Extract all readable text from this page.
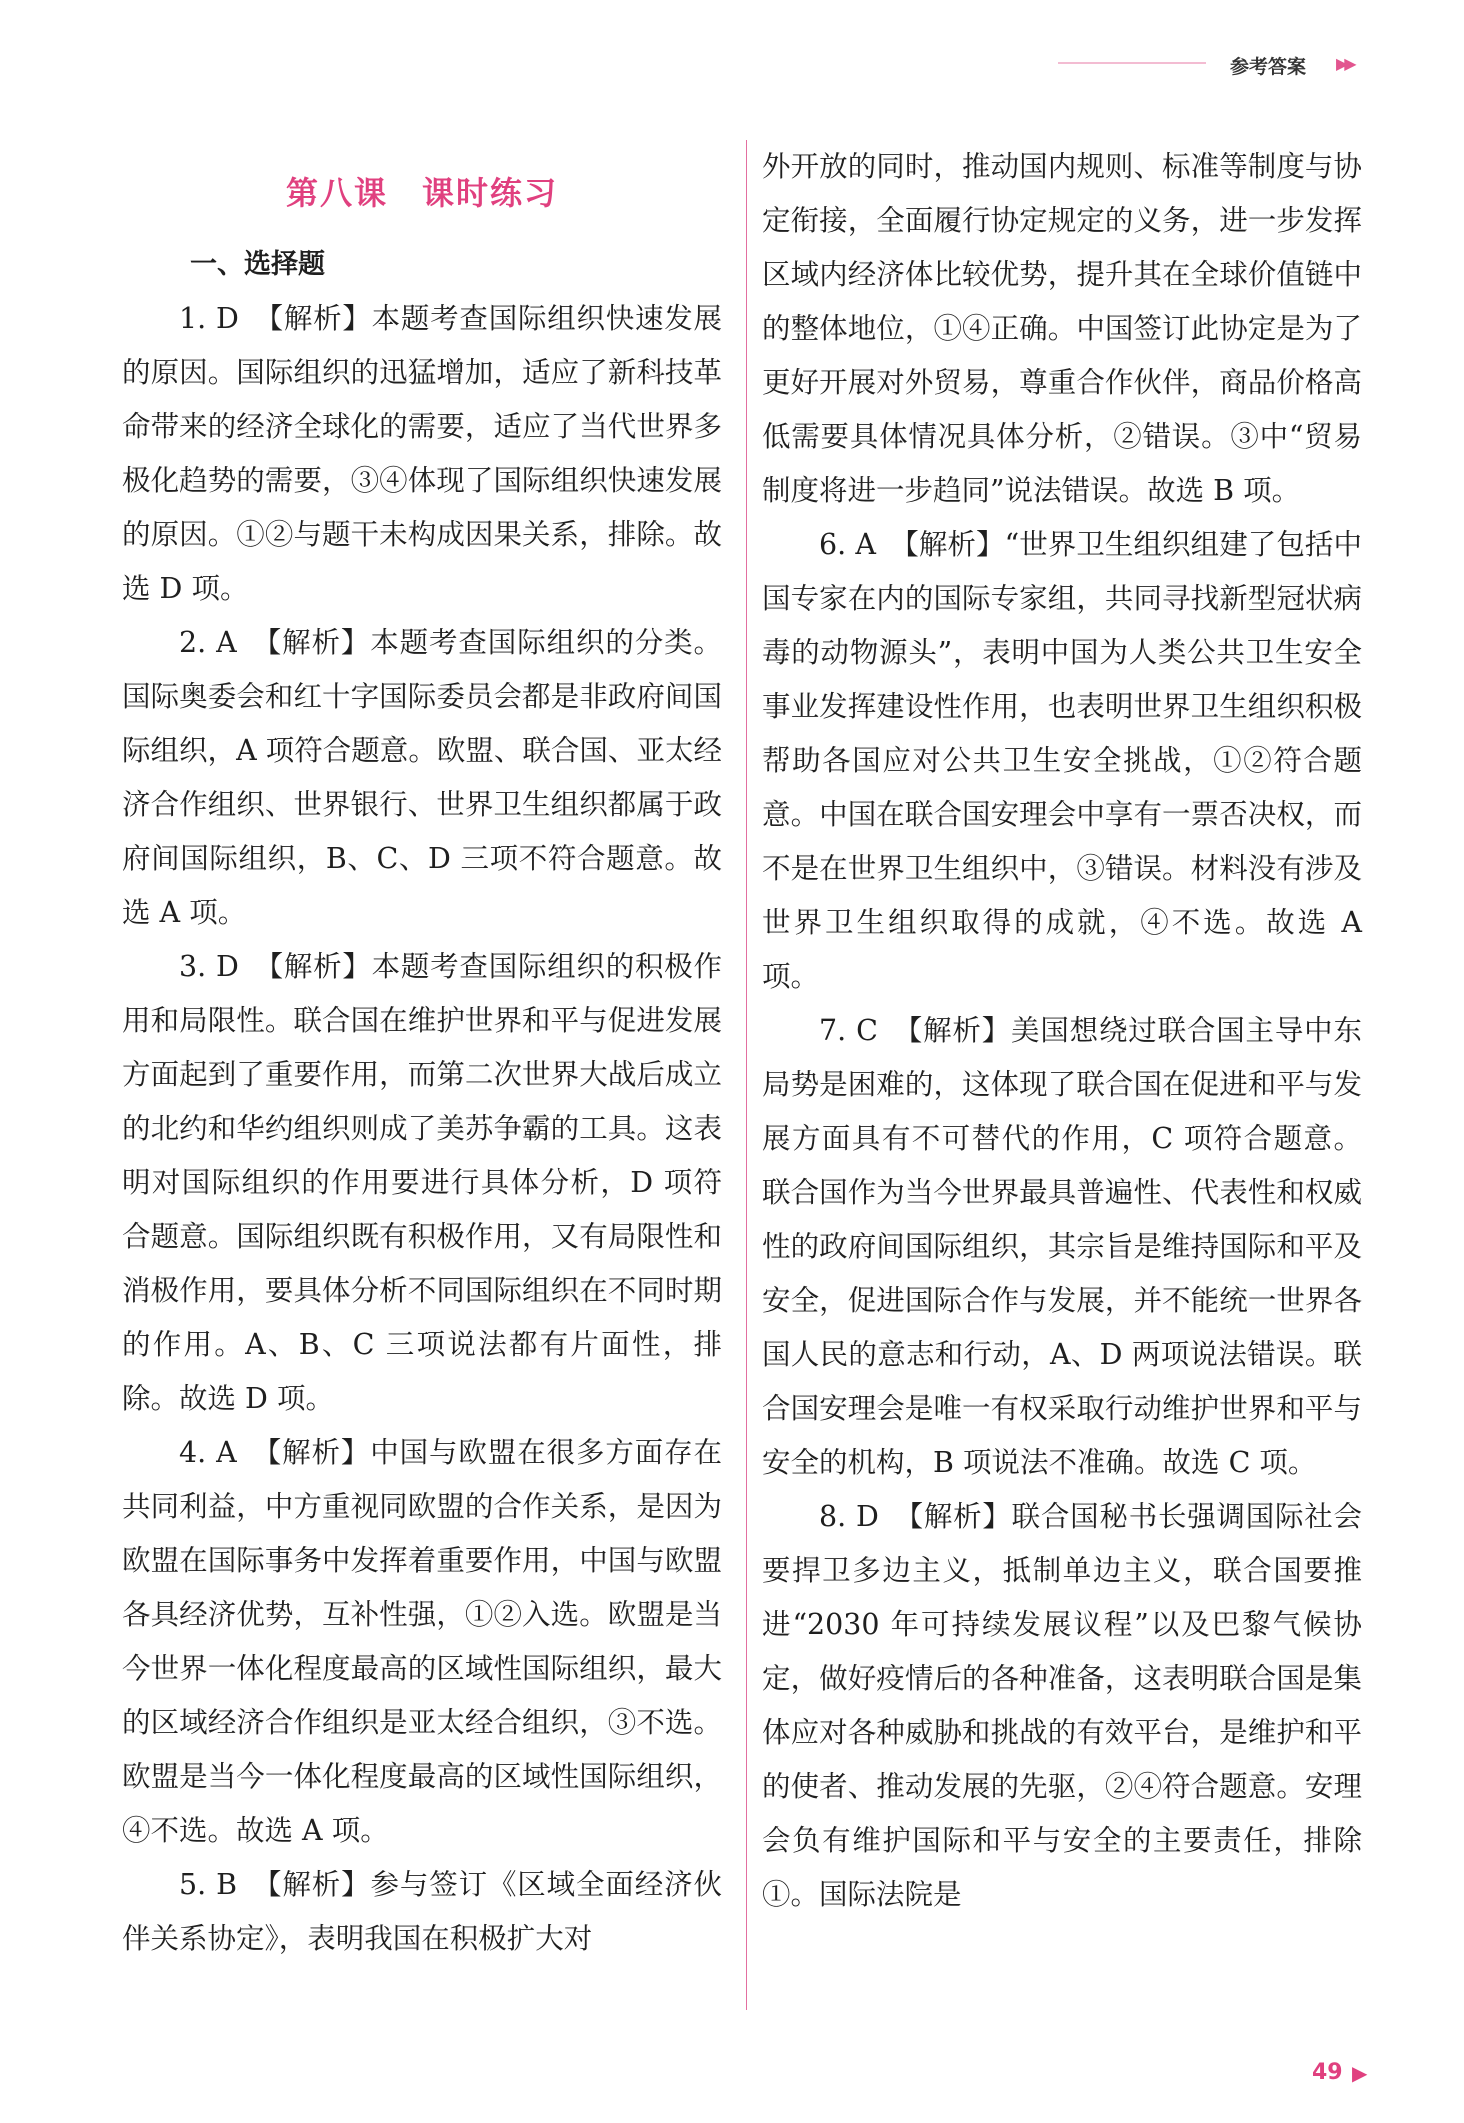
参考答案 ▶▶
第八课　课时练习
一、选择题

1. D　【解析】本题考查国际组织快速发展的原因。国际组织的迅猛增加，适应了新科技革命带来的经济全球化的需要，适应了当代世界多极化趋势的需要，③④体现了国际组织快速发展的原因。①②与题干未构成因果关系，排除。故选 D 项。

2. A　【解析】本题考查国际组织的分类。国际奥委会和红十字国际委员会都是非政府间国际组织，A 项符合题意。欧盟、联合国、亚太经济合作组织、世界银行、世界卫生组织都属于政府间国际组织，B、C、D 三项不符合题意。故选 A 项。

3. D　【解析】本题考查国际组织的积极作用和局限性。联合国在维护世界和平与促进发展方面起到了重要作用，而第二次世界大战后成立的北约和华约组织则成了美苏争霸的工具。这表明对国际组织的作用要进行具体分析，D 项符合题意。国际组织既有积极作用，又有局限性和消极作用，要具体分析不同国际组织在不同时期的作用。A、B、C 三项说法都有片面性，排除。故选 D 项。

4. A　【解析】中国与欧盟在很多方面存在共同利益，中方重视同欧盟的合作关系，是因为欧盟在国际事务中发挥着重要作用，中国与欧盟各具经济优势，互补性强，①②入选。欧盟是当今世界一体化程度最高的区域性国际组织，最大的区域经济合作组织是亚太经合组织，③不选。欧盟是当今一体化程度最高的区域性国际组织，④不选。故选 A 项。

5. B　【解析】参与签订《区域全面经济伙伴关系协定》，表明我国在积极扩大对

外开放的同时，推动国内规则、标准等制度与协定衔接，全面履行协定规定的义务，进一步发挥区域内经济体比较优势，提升其在全球价值链中的整体地位，①④正确。中国签订此协定是为了更好开展对外贸易，尊重合作伙伴，商品价格高低需要具体情况具体分析，②错误。③中“贸易制度将进一步趋同”说法错误。故选 B 项。

6. A　【解析】“世界卫生组织组建了包括中国专家在内的国际专家组，共同寻找新型冠状病毒的动物源头”，表明中国为人类公共卫生安全事业发挥建设性作用，也表明世界卫生组织积极帮助各国应对公共卫生安全挑战，①②符合题意。中国在联合国安理会中享有一票否决权，而不是在世界卫生组织中，③错误。材料没有涉及世界卫生组织取得的成就，④不选。故选 A 项。

7. C　【解析】美国想绕过联合国主导中东局势是困难的，这体现了联合国在促进和平与发展方面具有不可替代的作用，C 项符合题意。联合国作为当今世界最具普遍性、代表性和权威性的政府间国际组织，其宗旨是维持国际和平及安全，促进国际合作与发展，并不能统一世界各国人民的意志和行动，A、D 两项说法错误。联合国安理会是唯一有权采取行动维护世界和平与安全的机构，B 项说法不准确。故选 C 项。

8. D　【解析】联合国秘书长强调国际社会要捍卫多边主义，抵制单边主义，联合国要推进“2030 年可持续发展议程”以及巴黎气候协定，做好疫情后的各种准备，这表明联合国是集体应对各种威胁和挑战的有效平台，是维护和平的使者、推动发展的先驱，②④符合题意。安理会负有维护国际和平与安全的主要责任，排除①。国际法院是

49 ▶
